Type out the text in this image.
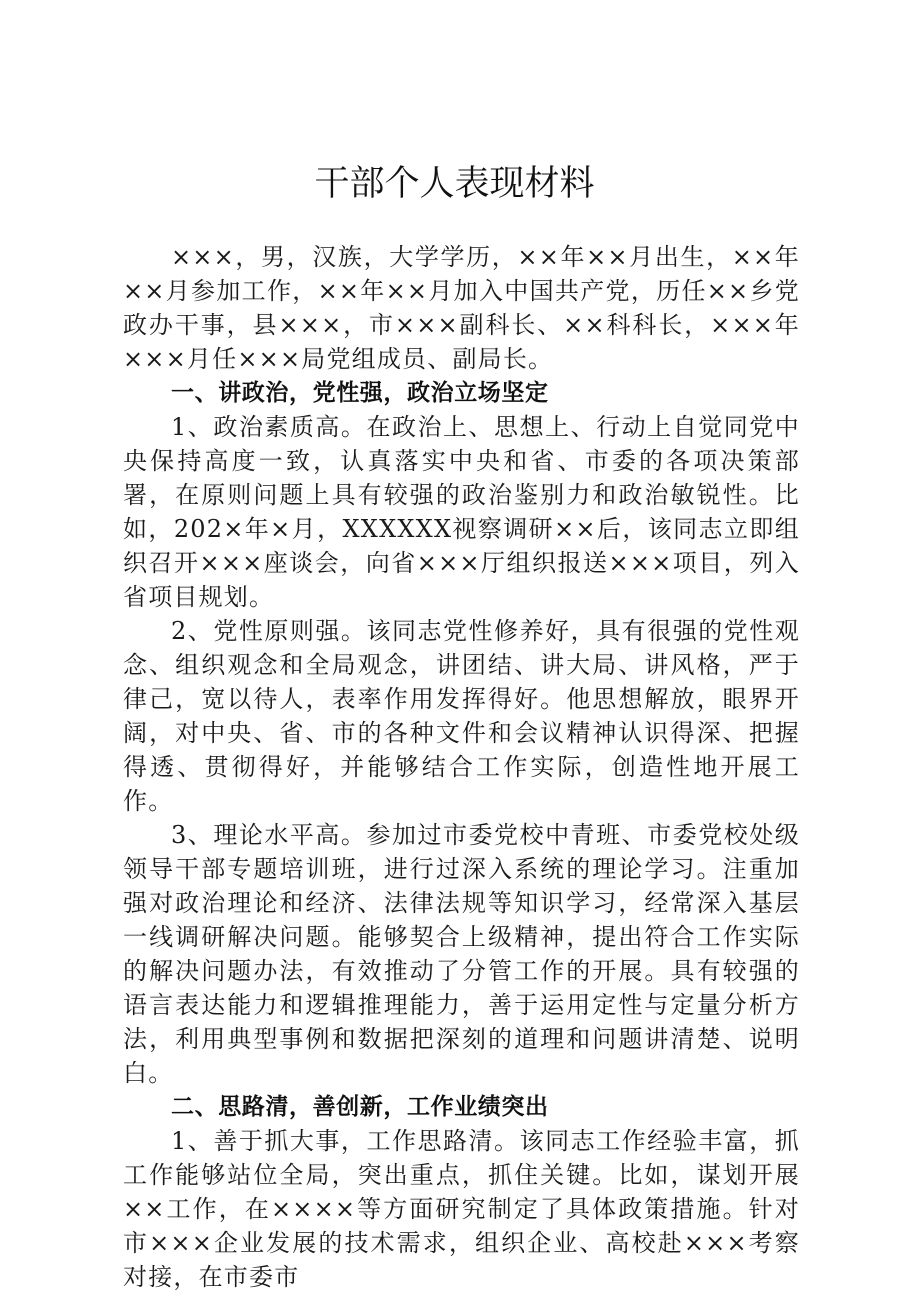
干部个人表现材料

×××，男，汉族，大学学历，××年××月出生，××年××月参加工作，××年××月加入中国共产党，历任××乡党政办干事，县×××，市×××副科长、××科科长，×××年×××月任×××局党组成员、副局长。

一、讲政治，党性强，政治立场坚定

1、政治素质高。在政治上、思想上、行动上自觉同党中央保持高度一致，认真落实中央和省、市委的各项决策部署，在原则问题上具有较强的政治鉴别力和政治敏锐性。比如，202×年×月，XXXXXX视察调研××后，该同志立即组织召开×××座谈会，向省×××厅组织报送×××项目，列入省项目规划。

2、党性原则强。该同志党性修养好，具有很强的党性观念、组织观念和全局观念，讲团结、讲大局、讲风格，严于律己，宽以待人，表率作用发挥得好。他思想解放，眼界开阔，对中央、省、市的各种文件和会议精神认识得深、把握得透、贯彻得好，并能够结合工作实际，创造性地开展工作。

3、理论水平高。参加过市委党校中青班、市委党校处级领导干部专题培训班，进行过深入系统的理论学习。注重加强对政治理论和经济、法律法规等知识学习，经常深入基层一线调研解决问题。能够契合上级精神，提出符合工作实际的解决问题办法，有效推动了分管工作的开展。具有较强的语言表达能力和逻辑推理能力，善于运用定性与定量分析方法，利用典型事例和数据把深刻的道理和问题讲清楚、说明白。

二、思路清，善创新，工作业绩突出

1、善于抓大事，工作思路清。该同志工作经验丰富，抓工作能够站位全局，突出重点，抓住关键。比如，谋划开展××工作，在××××等方面研究制定了具体政策措施。针对市×××企业发展的技术需求，组织企业、高校赴×××考察对接，在市委市
